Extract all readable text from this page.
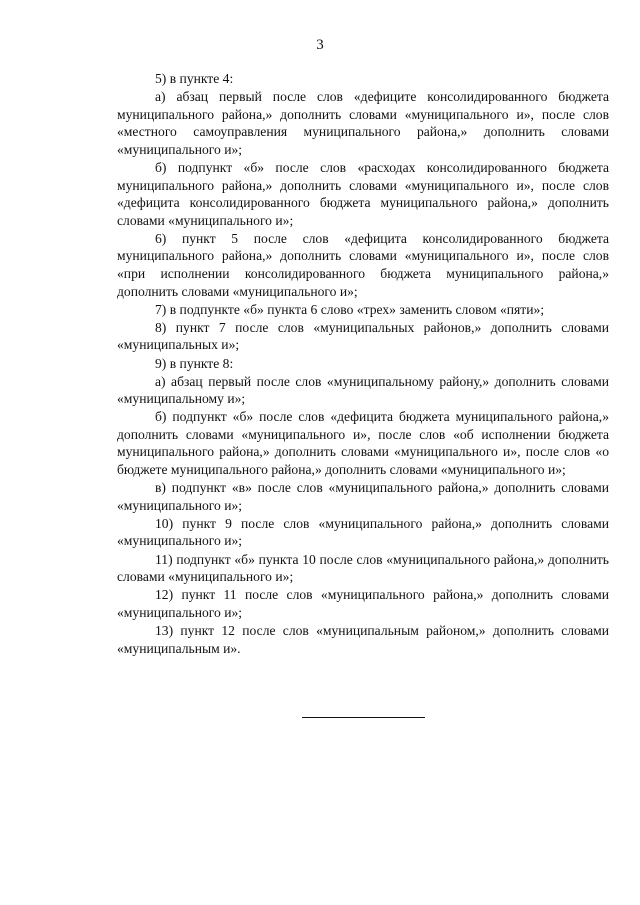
3

5) в пункте 4:

а) абзац первый после слов «дефиците консолидированного бюджета муниципального района,» дополнить словами «муниципального и», после слов «местного самоуправления муниципального района,» дополнить словами «муниципального и»;

б) подпункт «б» после слов «расходах консолидированного бюджета муниципального района,» дополнить словами «муниципального и», после слов «дефицита консолидированного бюджета муниципального района,» дополнить словами «муниципального и»;

6) пункт 5 после слов «дефицита консолидированного бюджета муниципального района,» дополнить словами «муниципального и», после слов «при исполнении консолидированного бюджета муниципального района,» дополнить словами «муниципального и»;

7) в подпункте «б» пункта 6 слово «трех» заменить словом «пяти»;

8) пункт 7 после слов «муниципальных районов,» дополнить словами «муниципальных и»;

9) в пункте 8:

а) абзац первый после слов «муниципальному району,» дополнить словами «муниципальному и»;

б) подпункт «б» после слов «дефицита бюджета муниципального района,» дополнить словами «муниципального и», после слов «об исполнении бюджета муниципального района,» дополнить словами «муниципального и», после слов «о бюджете муниципального района,» дополнить словами «муниципального и»;

в) подпункт «в» после слов «муниципального района,» дополнить словами «муниципального и»;

10) пункт 9 после слов «муниципального района,» дополнить словами «муниципального и»;

11) подпункт «б» пункта 10 после слов «муниципального района,» дополнить словами «муниципального и»;

12) пункт 11 после слов «муниципального района,» дополнить словами «муниципального и»;

13) пункт 12 после слов «муниципальным районом,» дополнить словами «муниципальным и».
